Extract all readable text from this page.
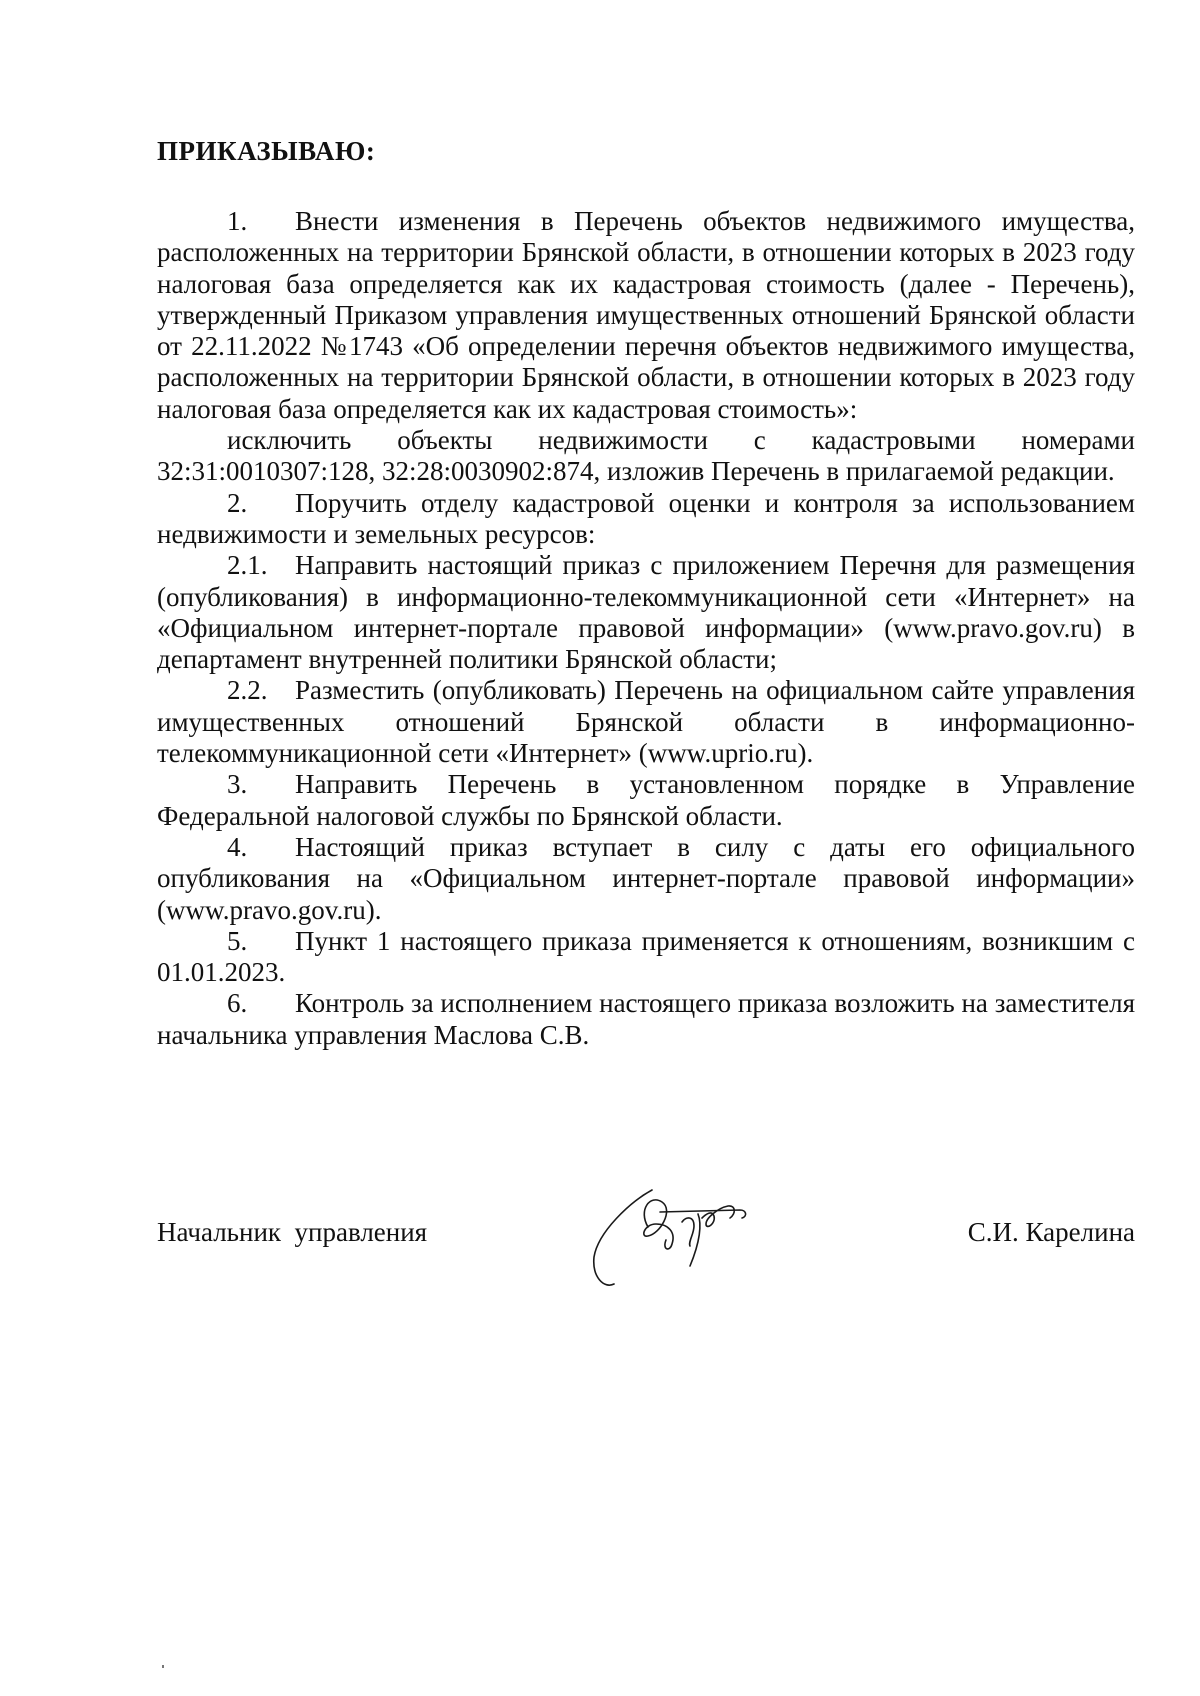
ПРИКАЗЫВАЮ:

1. Внести изменения в Перечень объектов недвижимого имущества, расположенных на территории Брянской области, в отношении которых в 2023 году налоговая база определяется как их кадастровая стоимость (далее - Перечень), утвержденный Приказом управления имущественных отношений Брянской области от 22.11.2022 №1743 «Об определении перечня объектов недвижимого имущества, расположенных на территории Брянской области, в отношении которых в 2023 году налоговая база определяется как их кадастровая стоимость»:

исключить объекты недвижимости с кадастровыми номерами 32:31:0010307:128, 32:28:0030902:874, изложив Перечень в прилагаемой редакции.

2. Поручить отделу кадастровой оценки и контроля за использованием недвижимости и земельных ресурсов:

2.1. Направить настоящий приказ с приложением Перечня для размещения (опубликования) в информационно-телекоммуникационной сети «Интернет» на «Официальном интернет-портале правовой информации» (www.pravo.gov.ru) в департамент внутренней политики Брянской области;

2.2. Разместить (опубликовать) Перечень на официальном сайте управления имущественных отношений Брянской области в информационно-телекоммуникационной сети «Интернет» (www.uprio.ru).

3. Направить Перечень в установленном порядке в Управление Федеральной налоговой службы по Брянской области.

4. Настоящий приказ вступает в силу с даты его официального опубликования на «Официальном интернет-портале правовой информации» (www.pravo.gov.ru).

5. Пункт 1 настоящего приказа применяется к отношениям, возникшим с 01.01.2023.

6. Контроль за исполнением настоящего приказа возложить на заместителя начальника управления Маслова С.В.

Начальник  управления	С.И. Карелина
